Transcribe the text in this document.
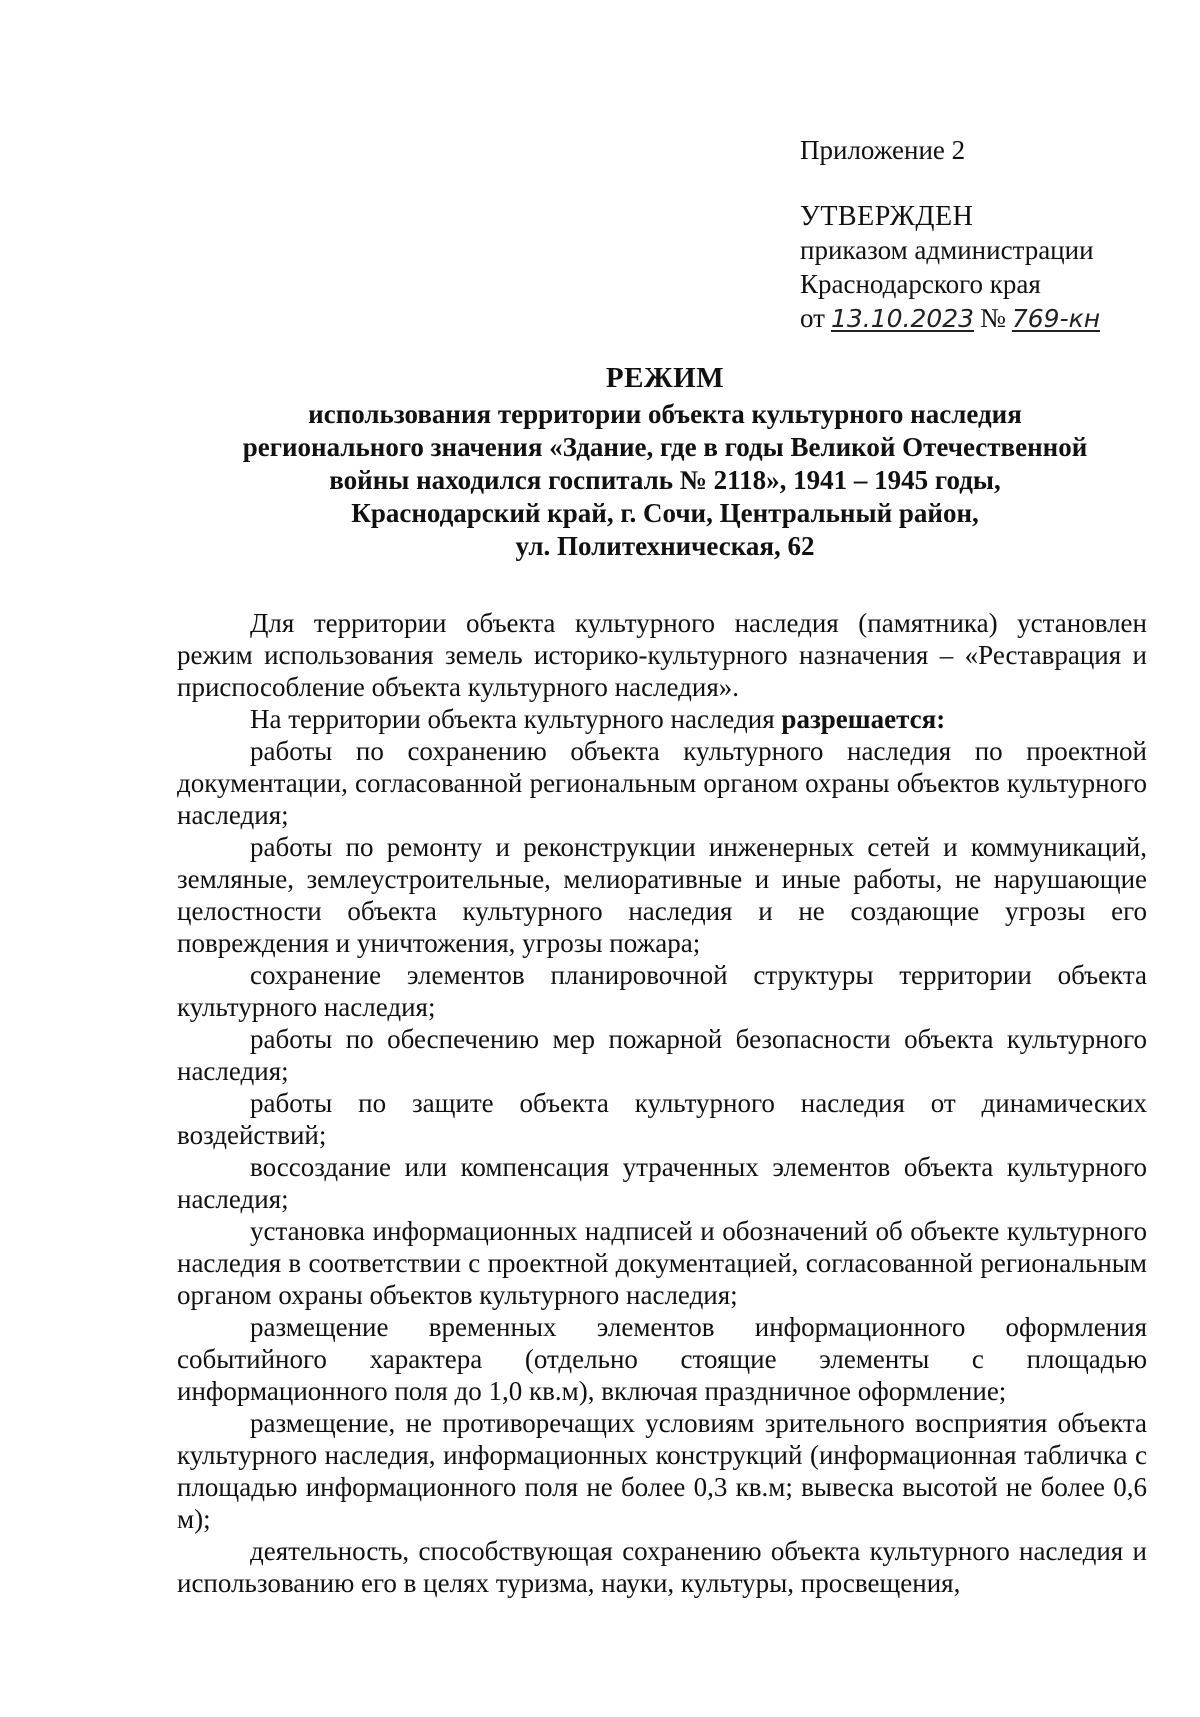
Приложение 2
УТВЕРЖДЕН
приказом администрации
Краснодарского края
от 13.10.2023 № 769-кн
РЕЖИМ
использования территории объекта культурного наследия
регионального значения «Здание, где в годы Великой Отечественной
войны находился госпиталь № 2118», 1941 – 1945 годы,
Краснодарский край, г. Сочи, Центральный район,
ул. Политехническая, 62

Для территории объекта культурного наследия (памятника) установлен режим использования земель историко-культурного назначения – «Реставрация и приспособление объекта культурного наследия».

На территории объекта культурного наследия разрешается:

работы по сохранению объекта культурного наследия по проектной документации, согласованной региональным органом охраны объектов культурного наследия;

работы по ремонту и реконструкции инженерных сетей и коммуникаций, земляные, землеустроительные, мелиоративные и иные работы, не нарушающие целостности объекта культурного наследия и не создающие угрозы его повреждения и уничтожения, угрозы пожара;

сохранение элементов планировочной структуры территории объекта культурного наследия;

работы по обеспечению мер пожарной безопасности объекта культурного наследия;

работы по защите объекта культурного наследия от динамических воздействий;

воссоздание или компенсация утраченных элементов объекта культурного наследия;

установка информационных надписей и обозначений об объекте культурного наследия в соответствии с проектной документацией, согласованной региональным органом охраны объектов культурного наследия;

размещение временных элементов информационного оформления событийного характера (отдельно стоящие элементы с площадью информационного поля до 1,0 кв.м), включая праздничное оформление;

размещение, не противоречащих условиям зрительного восприятия объекта культурного наследия, информационных конструкций (информационная табличка с площадью информационного поля не более 0,3 кв.м; вывеска высотой не более 0,6 м);

деятельность, способствующая сохранению объекта культурного наследия и использованию его в целях туризма, науки, культуры, просвещения,
